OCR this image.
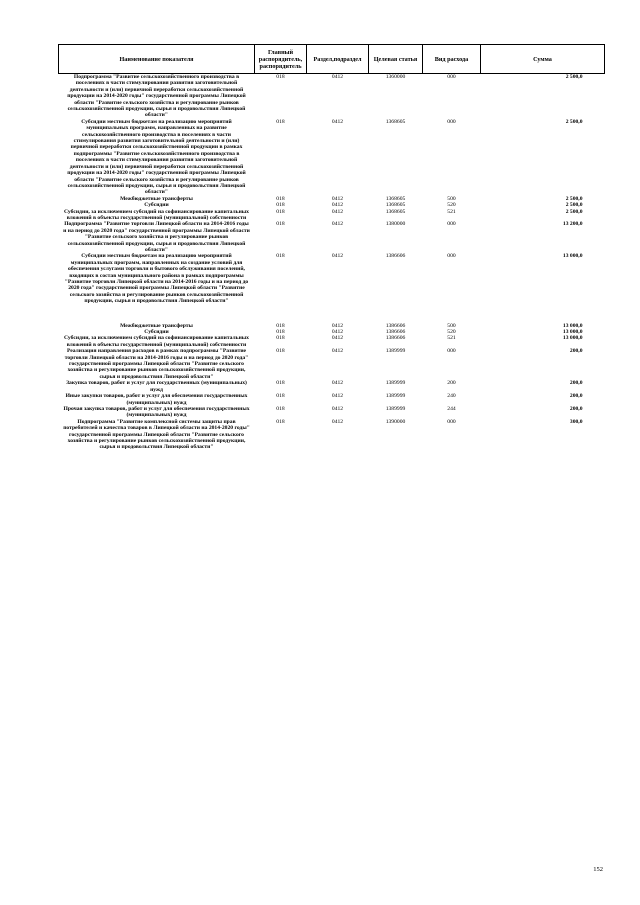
Наименование показателя	Главный распорядитель, распорядитель	Раздел,подраздел	Целевая статья	Вид расхода	Сумма
Подпрограмма "Развитие сельскохозяйственного производства в поселениях в части стимулирования развития заготовительной деятельности и (или) первичной переработки сельскохозяйственной продукции на 2014-2020 годы" государственной программы Липецкой области "Развитие сельского хозяйства и регулирование рынков сельскохозяйственной продукции, сырья и продовольствия Липецкой области"	018	0412	1360000	000	2 500,0
Субсидии местным бюджетам на реализацию мероприятий муниципальных программ, направленных на развитие сельскохозяйственного производства в поселениях в части стимулирования развития заготовительной деятельности и (или) первичной переработки сельскохозяйственной продукции в рамках подпрограммы "Развитие сельскохозяйственного производства в поселениях в части стимулирования развития заготовительной деятельности и (или) первичной переработки сельскохозяйственной продукции на 2014-2020 годы" государственной программы Липецкой области "Развитие сельского хозяйства и регулирование рынков сельскохозяйственной продукции, сырья и продовольствия Липецкой области"	018	0412	1368605	000	2 500,0
Межбюджетные трансферты	018	0412	1368605	500	2 500,0
Субсидии	018	0412	1368605	520	2 500,0
Субсидии, за исключением субсидий на софинансирование капитальных вложений в объекты государственной (муниципальной) собственности	018	0412	1368605	521	2 500,0
Подпрограмма "Развитие торговли Липецкой области на 2014-2016 годы и на период до 2020 года" государственной программы Липецкой области "Развитие сельского хозяйства и регулирование рынков сельскохозяйственной продукции, сырья и продовольствия Липецкой области"	018	0412	1380000	000	13 200,0
Субсидии местным бюджетам на реализацию мероприятий муниципальных программ, направленных на создание условий для обеспечения услугами торговли и бытового обслуживания поселений, входящих в состав муниципального района в рамках подпрограммы "Развитие торговли Липецкой области на 2014-2016 годы и на период до 2020 года" государственной программы Липецкой области "Развитие сельского хозяйства и регулирование рынков сельскохозяйственной продукции, сырья и продовольствия Липецкой области"	018	0412	1386606	000	13 000,0
Межбюджетные трансферты	018	0412	1386606	500	13 000,0
Субсидии	018	0412	1386606	520	13 000,0
Субсидии, за исключением субсидий на софинансирование капитальных вложений в объекты государственной (муниципальной) собственности	018	0412	1386606	521	13 000,0
Реализация направления расходов в рамках подпрограммы "Развитие торговли Липецкой области на 2014-2016 годы и на период до 2020 года" государственной программы Липецкой области "Развитие сельского хозяйства и регулирование рынков сельскохозяйственной продукции, сырья и продовольствия Липецкой области"	018	0412	1389999	000	200,0
Закупка товаров, работ и услуг для государственных (муниципальных) нужд	018	0412	1389999	200	200,0
Иные закупки товаров, работ и услуг для обеспечения государственных (муниципальных) нужд	018	0412	1389999	240	200,0
Прочая закупка товаров, работ и услуг для обеспечения государственных (муниципальных) нужд	018	0412	1389999	244	200,0
Подпрограмма "Развитие комплексной системы защиты прав потребителей и качества товаров в Липецкой области на 2014-2020 годы" государственной программы Липецкой области "Развитие сельского хозяйства и регулирование рынков сельскохозяйственной продукции, сырья и продовольствия Липецкой области"	018	0412	1390000	000	300,0
152
